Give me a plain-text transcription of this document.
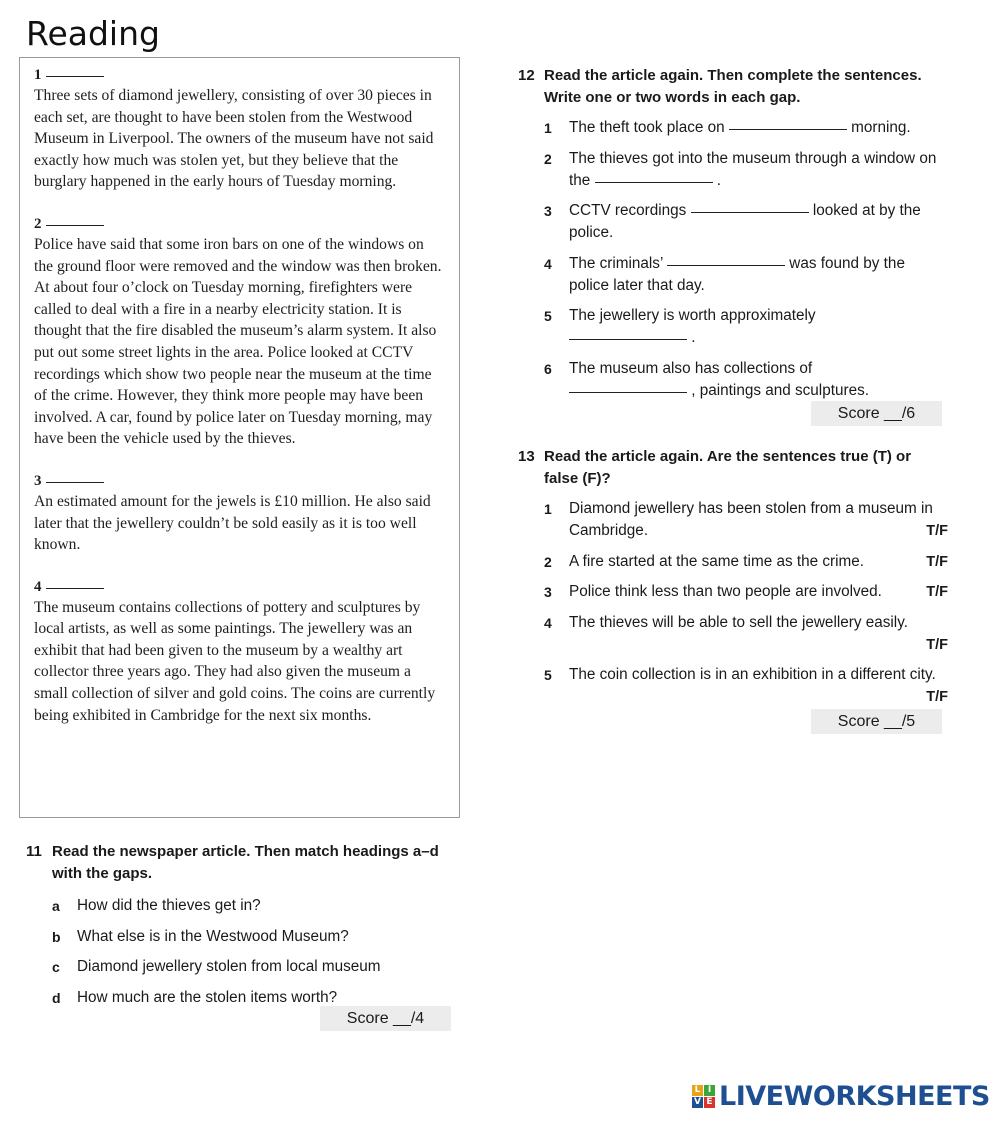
Reading
1

Three sets of diamond jewellery, consisting of over 30 pieces in each set, are thought to have been stolen from the Westwood Museum in Liverpool. The owners of the museum have not said exactly how much was stolen yet, but they believe that the burglary happened in the early hours of Tuesday morning.

2

Police have said that some iron bars on one of the windows on the ground floor were removed and the window was then broken. At about four o’clock on Tuesday morning, firefighters were called to deal with a fire in a nearby electricity station. It is thought that the fire disabled the museum’s alarm system. It also put out some street lights in the area. Police looked at CCTV recordings which show two people near the museum at the time of the crime. However, they think more people may have been involved. A car, found by police later on Tuesday morning, may have been the vehicle used by the thieves.

3

An estimated amount for the jewels is £10 million. He also said later that the jewellery couldn’t be sold easily as it is too well known.

4

The museum contains collections of pottery and sculptures by local artists, as well as some paintings. The jewellery was an exhibit that had been given to the museum by a wealthy art collector three years ago. They had also given the museum a small collection of silver and gold coins. The coins are currently being exhibited in Cambridge for the next six months.

11 Read the newspaper article. Then match headings a–d with the gaps.
a	How did the thieves get in?
b	What else is in the Westwood Museum?
c	Diamond jewellery stolen from local museum
d	How much are the stolen items worth?
Score __/4
12 Read the article again. Then complete the sentences. Write one or two words in each gap.
1	The theft took place on	morning.
2	The thieves got into the museum through a window on the	.
3	CCTV recordings	looked at by the police.
4	The criminals’	was found by the police later that day.
5	The jewellery is worth approximately
.
6	The museum also has collections of
, paintings and sculptures.
Score __/6
13 Read the article again. Are the sentences true (T) or false (F)?
1	Diamond jewellery has been stolen from a museum in Cambridge.	T/F
2	A fire started at the same time as the crime.	T/F
3	Police think less than two people are involved.	T/F
4	The thieves will be able to sell the jewellery easily.

T/F
5	The coin collection is in an exhibition in a different city.
T/F
Score __/5
L I
V E LIVEWORKSHEETS
